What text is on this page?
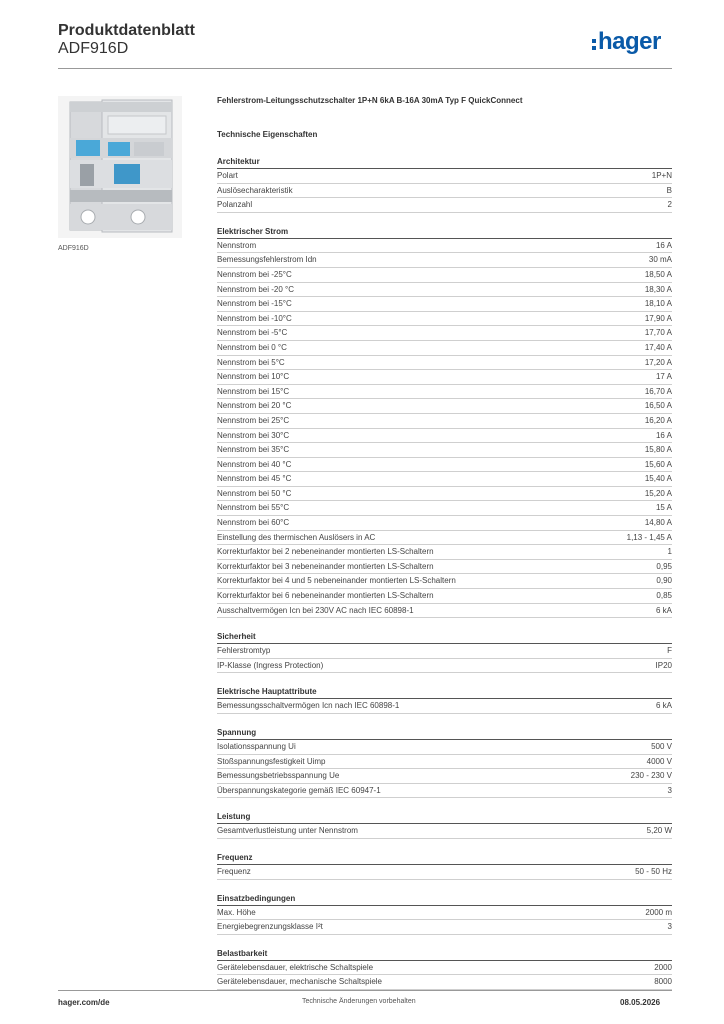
Produktdatenblatt
ADF916D	hager
ADF916D
Fehlerstrom-Leitungsschutzschalter 1P+N 6kA B-16A 30mA Typ F QuickConnect
Technische Eigenschaften
Architektur
Polart	1P+N
Auslösecharakteristik	B
Polanzahl	2
Elektrischer Strom
Nennstrom	16 A
Bemessungsfehlerstrom Idn	30 mA
Nennstrom bei -25°C	18,50 A
Nennstrom bei -20 °C	18,30 A
Nennstrom bei -15°C	18,10 A
Nennstrom bei -10°C	17,90 A
Nennstrom bei -5°C	17,70 A
Nennstrom bei 0 °C	17,40 A
Nennstrom bei 5°C	17,20 A
Nennstrom bei 10°C	17 A
Nennstrom bei 15°C	16,70 A
Nennstrom bei 20 °C	16,50 A
Nennstrom bei 25°C	16,20 A
Nennstrom bei 30°C	16 A
Nennstrom bei 35°C	15,80 A
Nennstrom bei 40 °C	15,60 A
Nennstrom bei 45 °C	15,40 A
Nennstrom bei 50 °C	15,20 A
Nennstrom bei 55°C	15 A
Nennstrom bei 60°C	14,80 A
Einstellung des thermischen Auslösers in AC	1,13 - 1,45 A
Korrekturfaktor bei 2 nebeneinander montierten LS-Schaltern	1
Korrekturfaktor bei 3 nebeneinander montierten LS-Schaltern	0,95
Korrekturfaktor bei 4 und 5 nebeneinander montierten LS-Schaltern	0,90
Korrekturfaktor bei 6 nebeneinander montierten LS-Schaltern	0,85
Ausschaltvermögen Icn bei 230V AC nach IEC 60898-1	6 kA
Sicherheit
Fehlerstromtyp	F
IP-Klasse (Ingress Protection)	IP20
Elektrische Hauptattribute
Bemessungsschaltvermögen Icn nach IEC 60898-1	6 kA
Spannung
Isolationsspannung Ui	500 V
Stoßspannungsfestigkeit Uimp	4000 V
Bemessungsbetriebsspannung Ue	230 - 230 V
Überspannungskategorie gemäß IEC 60947-1	3
Leistung
Gesamtverlustleistung unter Nennstrom	5,20 W
Frequenz
Frequenz	50 - 50 Hz
Einsatzbedingungen
Max. Höhe	2000 m
Energiebegrenzungsklasse I²t	3
Belastbarkeit
Gerätelebensdauer, elektrische Schaltspiele	2000
Gerätelebensdauer, mechanische Schaltspiele	8000
hager.com/de	Technische Änderungen vorbehalten	08.05.2026
